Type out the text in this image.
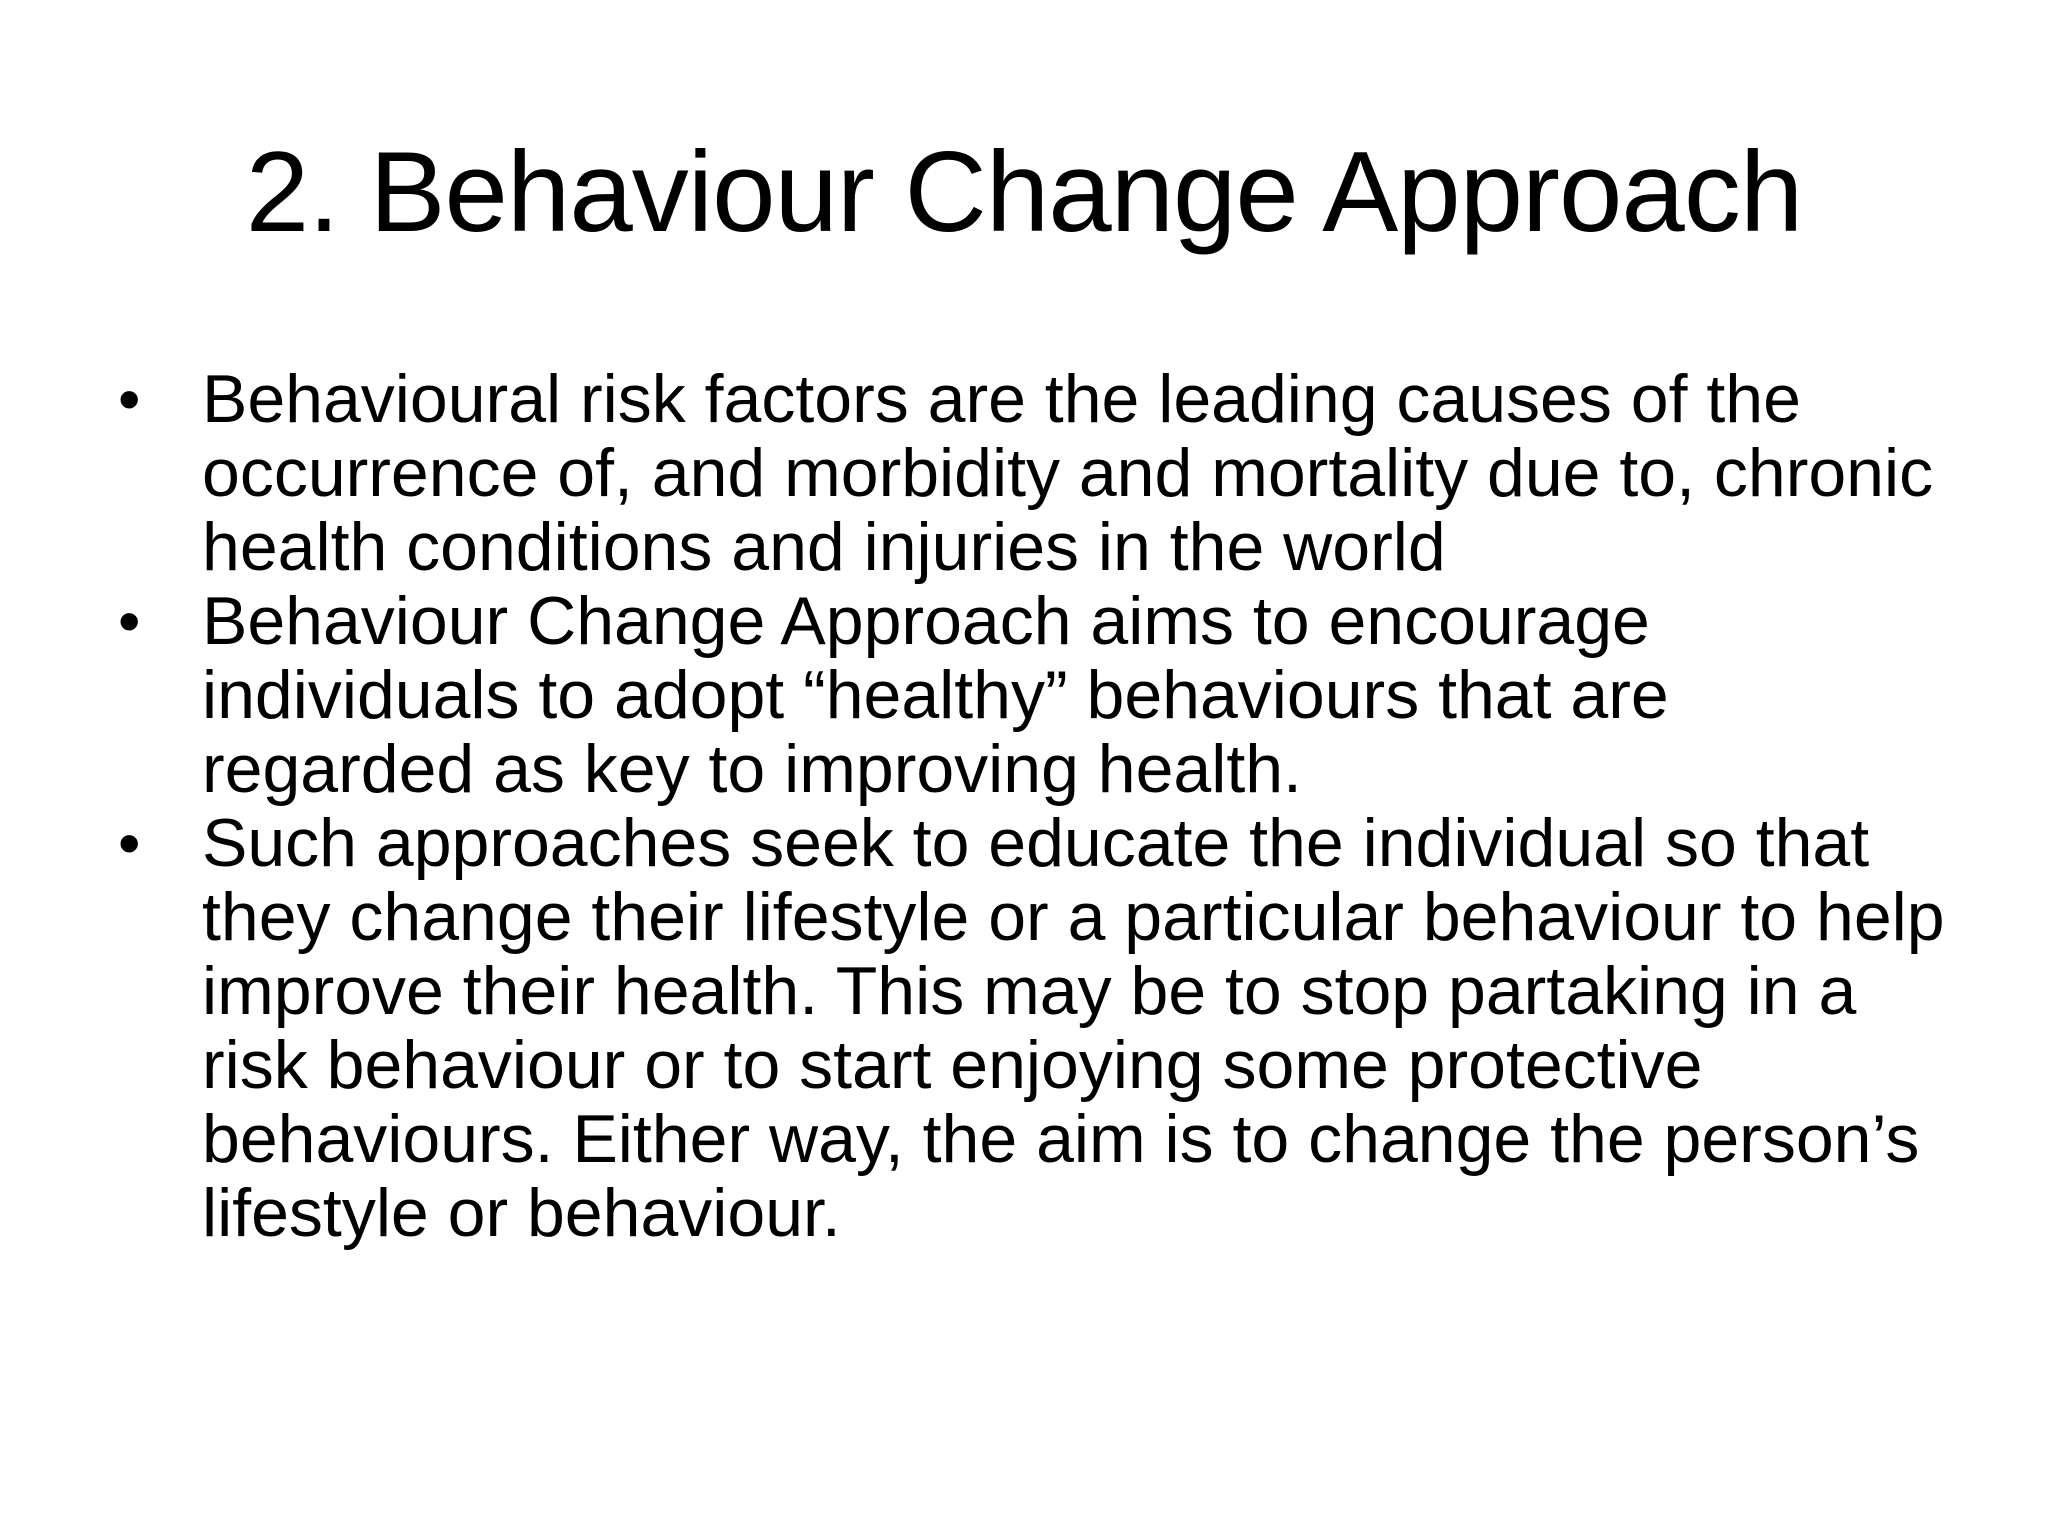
2. Behaviour Change Approach
• Behavioural risk factors are the leading causes of the occurrence of, and morbidity and mortality due to, chronic health conditions and injuries in the world
• Behaviour Change Approach aims to encourage individuals to adopt “healthy” behaviours that are regarded as key to improving health.
• Such approaches seek to educate the individual so that they change their lifestyle or a particular behaviour to help improve their health. This may be to stop partaking in a risk behaviour or to start enjoying some protective behaviours. Either way, the aim is to change the person’s lifestyle or behaviour.
